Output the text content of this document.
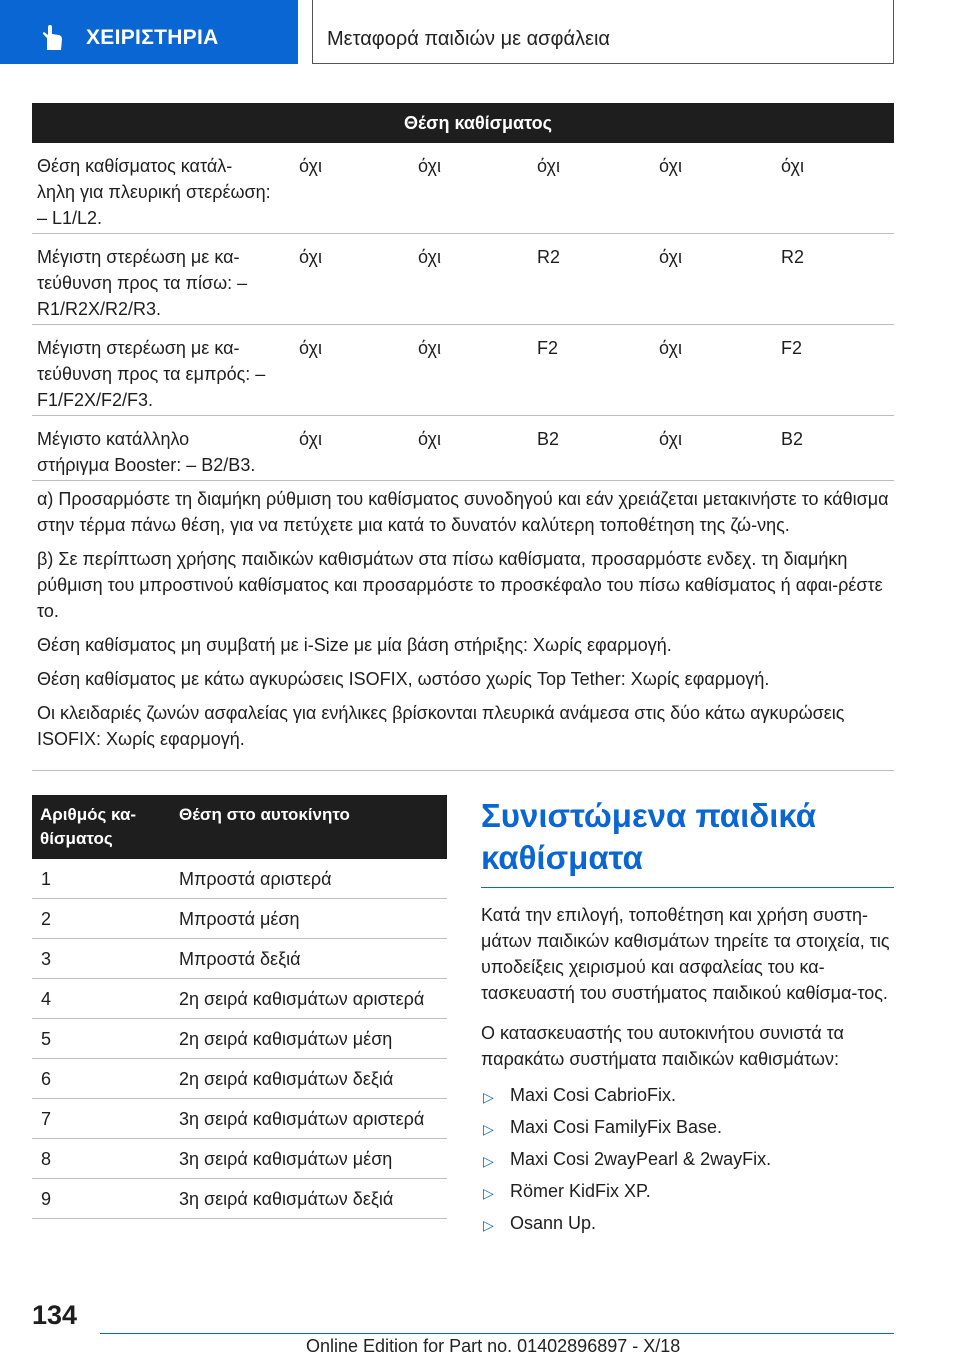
ΧΕΙΡΙΣΤΗΡΙΑ	Μεταφορά παιδιών με ασφάλεια
Θέση καθίσματος
Θέση καθίσματος κατάλ-
ληλη για πλευρική στερέωση:
– L1/L2.
όχι	όχι	όχι	όχι	όχι
Μέγιστη στερέωση με κα-
τεύθυνση προς τα πίσω: –
R1/R2X/R2/R3.
όχι	όχι	R2	όχι	R2
Μέγιστη στερέωση με κα-
τεύθυνση προς τα εμπρός: –
F1/F2X/F2/F3.
όχι	όχι	F2	όχι	F2
Μέγιστο κατάλληλο
στήριγμα Booster: – B2/B3.
όχι	όχι	B2	όχι	B2

α) Προσαρμόστε τη διαμήκη ρύθμιση του καθίσματος συνοδηγού και εάν χρειάζεται μετακινήστε το κάθισμα στην τέρμα πάνω θέση, για να πετύχετε μια κατά το δυνατόν καλύτερη τοποθέτηση της ζώ-νης.

β) Σε περίπτωση χρήσης παιδικών καθισμάτων στα πίσω καθίσματα, προσαρμόστε ενδεχ. τη διαμήκη ρύθμιση του μπροστινού καθίσματος και προσαρμόστε το προσκέφαλο του πίσω καθίσματος ή αφαι-ρέστε το.

Θέση καθίσματος μη συμβατή με i-Size με μία βάση στήριξης: Χωρίς εφαρμογή.

Θέση καθίσματος με κάτω αγκυρώσεις ISOFIX, ωστόσο χωρίς Top Tether: Χωρίς εφαρμογή.

Οι κλειδαριές ζωνών ασφαλείας για ενήλικες βρίσκονται πλευρικά ανάμεσα στις δύο κάτω αγκυρώσεις ISOFIX: Χωρίς εφαρμογή.

Αριθμός κα-
θίσματος
Θέση στο αυτοκίνητο
1	Μπροστά αριστερά
2	Μπροστά μέση
3	Μπροστά δεξιά
4	2η σειρά καθισμάτων αριστερά
5	2η σειρά καθισμάτων μέση
6	2η σειρά καθισμάτων δεξιά
7	3η σειρά καθισμάτων αριστερά
8	3η σειρά καθισμάτων μέση
9	3η σειρά καθισμάτων δεξιά
Συνιστώμενα παιδικά καθίσματα

Κατά την επιλογή, τοποθέτηση και χρήση συστη-μάτων παιδικών καθισμάτων τηρείτε τα στοιχεία, τις υποδείξεις χειρισμού και ασφαλείας του κα-τασκευαστή του συστήματος παιδικού καθίσμα-τος.

Ο κατασκευαστής του αυτοκινήτου συνιστά τα παρακάτω συστήματα παιδικών καθισμάτων:

▷ Maxi Cosi CabrioFix.
▷ Maxi Cosi FamilyFix Base.
▷ Maxi Cosi 2wayPearl & 2wayFix.
▷ Römer KidFix XP.
▷ Osann Up.
134
Online Edition for Part no. 01402896897 - X/18
